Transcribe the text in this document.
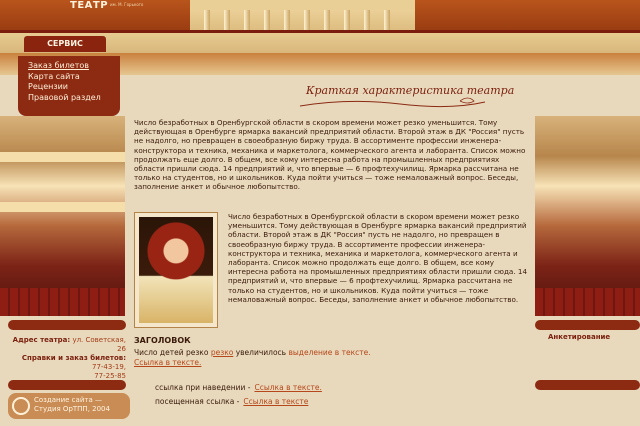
ТЕАТР им. М. Горького
СЕРВИС
Заказ билетов
Карта сайта
Рецензии
Правовой раздел
Адрес театра: ул. Советская, 26
Справки и заказ билетов:
77-43-19,
77-25-85
Создание сайта —
Студия ОрТПП, 2004
Анкетирование
Краткая характеристика театра
Число безработных в Оренбургской области в скором времени может резко уменьшится. Тому действующая в Оренбурге ярмарка вакансий предприятий области. Второй этаж в ДК "Россия" пусть не надолго, но превращен в своеобразную биржу труда. В ассортименте профессии инженера-конструктора и техника, механика и маркетолога, коммерческого агента и лаборанта. Список можно продолжать еще долго. В общем, все кому интересна работа на промышленных предприятиях области пришли сюда. 14 предприятий и, что впервые — 6 профтехучилищ. Ярмарка рассчитана не только на студентов, но и школьников. Куда пойти учиться — тоже немаловажный вопрос. Беседы, заполнение анкет и обычное любопытство.
Число безработных в Оренбургской области в скором времени может резко уменьшится. Тому действующая в Оренбурге ярмарка вакансий предприятий области. Второй этаж в ДК "Россия" пусть не надолго, но превращен в своеобразную биржу труда. В ассортименте профессии инженера-конструктора и техника, механика и маркетолога, коммерческого агента и лаборанта. Список можно продолжать еще долго. В общем, все кому интересна работа на промышленных предприятиях области пришли сюда. 14 предприятий и, что впервые — 6 профтехучилищ. Ярмарка рассчитана не только на студентов, но и школьников. Куда пойти учиться — тоже немаловажный вопрос. Беседы, заполнение анкет и обычное любопытство.
ЗАГОЛОВОК
Число детей резко резко увеличилось выделение в тексте.
Ссылка в тексте.
ссылка при наведении - Ссылка в тексте.
посещенная ссылка - Ссылка в тексте
